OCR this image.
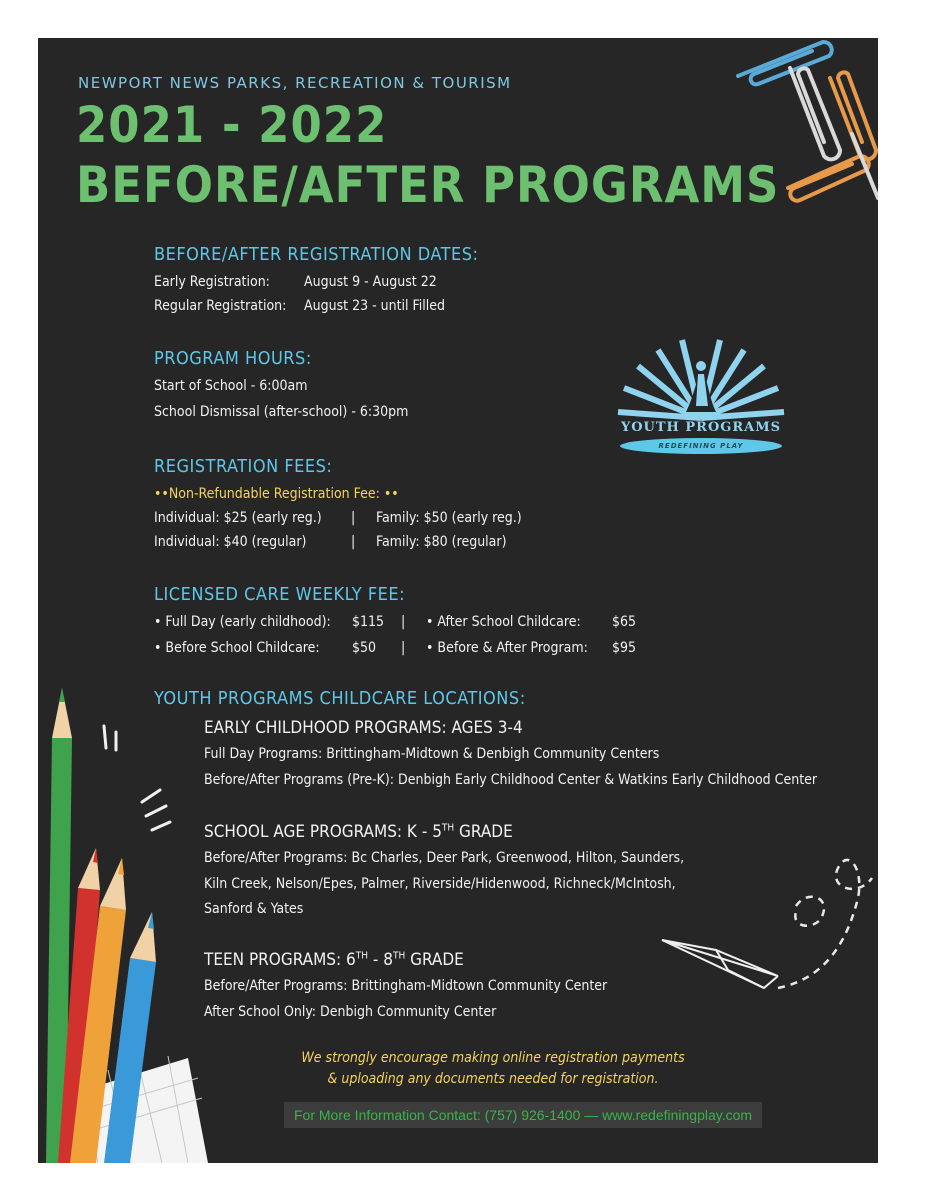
NEWPORT NEWS PARKS, RECREATION & TOURISM
2021 - 2022
BEFORE/AFTER PROGRAMS
BEFORE/AFTER REGISTRATION DATES:
Early Registration: August 9 - August 22
Regular Registration: August 23 - until Filled
PROGRAM HOURS:
Start of School - 6:00am
School Dismissal (after-school) - 6:30pm
YOUTH PROGRAMS
REDEFINING PLAY
REGISTRATION FEES:
••Non-Refundable Registration Fee: ••
Individual: $25 (early reg.) | Family: $50 (early reg.)
Individual: $40 (regular)	| Family: $80 (regular)
LICENSED CARE WEEKLY FEE:
• Full Day (early childhood): $115 | • After School Childcare: $65
• Before School Childcare: $50 | • Before & After Program: $95
YOUTH PROGRAMS CHILDCARE LOCATIONS:
EARLY CHILDHOOD PROGRAMS: AGES 3-4
Full Day Programs: Brittingham-Midtown & Denbigh Community Centers
Before/After Programs (Pre-K): Denbigh Early Childhood Center & Watkins Early Childhood Center
SCHOOL AGE PROGRAMS: K - 5TH GRADE
Before/After Programs: Bc Charles, Deer Park, Greenwood, Hilton, Saunders,
Kiln Creek, Nelson/Epes, Palmer, Riverside/Hidenwood, Richneck/McIntosh,
Sanford & Yates
TEEN PROGRAMS: 6TH - 8TH GRADE
Before/After Programs: Brittingham-Midtown Community Center
After School Only: Denbigh Community Center
We strongly encourage making online registration payments
& uploading any documents needed for registration.
For More Information Contact: (757) 926-1400 — www.redefiningplay.com
